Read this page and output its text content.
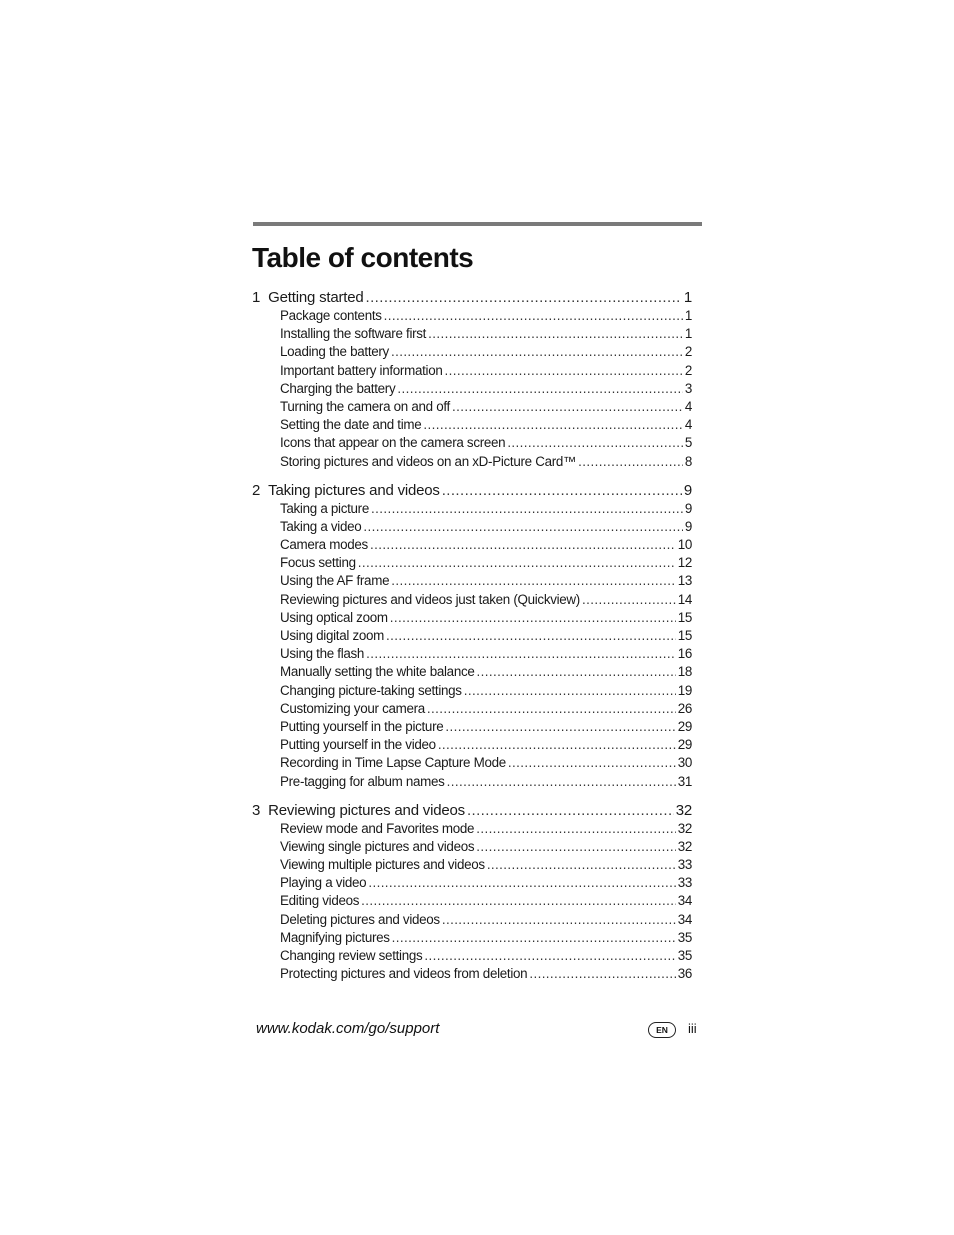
Table of contents
1 Getting started .....	1
Package contents .....	1
Installing the software first .....	1
Loading the battery .....	2
Important battery information .....	2
Charging the battery .....	3
Turning the camera on and off .....	4
Setting the date and time .....	4
Icons that appear on the camera screen .....	5
Storing pictures and videos on an xD-Picture Card™ .....	8
2 Taking pictures and videos .....	9
Taking a picture .....	9
Taking a video .....	9
Camera modes .....	10
Focus setting .....	12
Using the AF frame .....	13
Reviewing pictures and videos just taken (Quickview) .....	14
Using optical zoom .....	15
Using digital zoom .....	15
Using the flash .....	16
Manually setting the white balance .....	18
Changing picture-taking settings .....	19
Customizing your camera .....	26
Putting yourself in the picture .....	29
Putting yourself in the video .....	29
Recording in Time Lapse Capture Mode .....	30
Pre-tagging for album names .....	31
3 Reviewing pictures and videos .....	32
Review mode and Favorites mode .....	32
Viewing single pictures and videos .....	32
Viewing multiple pictures and videos .....	33
Playing a video .....	33
Editing videos .....	34
Deleting pictures and videos .....	34
Magnifying pictures .....	35
Changing review settings .....	35
Protecting pictures and videos from deletion .....	36
www.kodak.com/go/support	EN	iii
